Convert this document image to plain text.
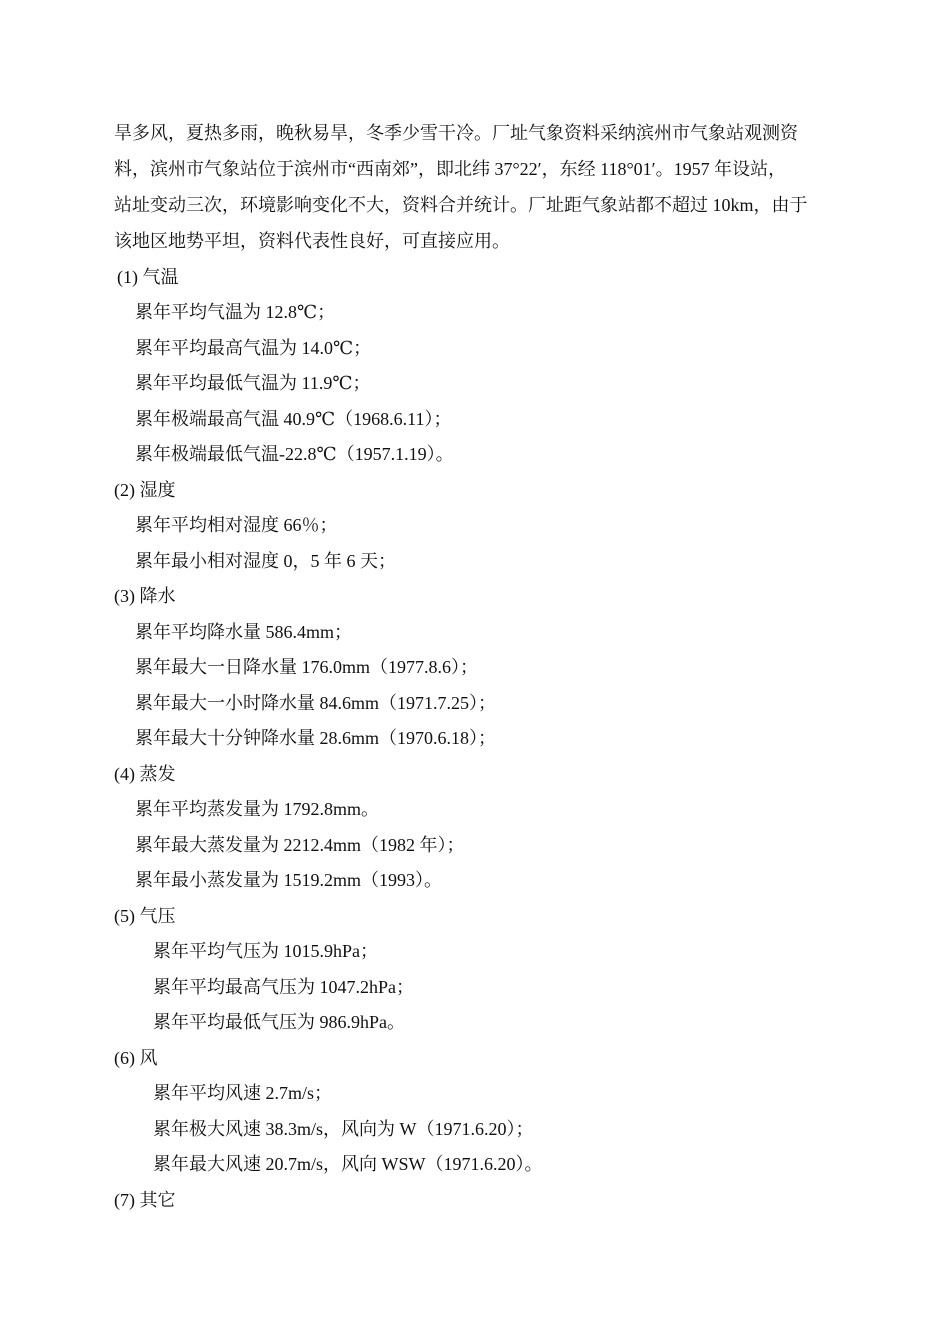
旱多风，夏热多雨，晚秋易旱，冬季少雪干冷。厂址气象资料采纳滨州市气象站观测资
料，滨州市气象站位于滨州市“西南郊”，即北纬 37°22′，东经 118°01′。1957 年设站，
站址变动三次，环境影响变化不大，资料合并统计。厂址距气象站都不超过 10km，由于
该地区地势平坦，资料代表性良好，可直接应用。
(1) 气温
累年平均气温为 12.8℃；
累年平均最高气温为 14.0℃；
累年平均最低气温为 11.9℃；
累年极端最高气温 40.9℃（1968.6.11）；
累年极端最低气温-22.8℃（1957.1.19）。
(2) 湿度
累年平均相对湿度 66％；
累年最小相对湿度 0，5 年 6 天；
(3) 降水
累年平均降水量 586.4mm；
累年最大一日降水量 176.0mm（1977.8.6）；
累年最大一小时降水量 84.6mm（1971.7.25）；
累年最大十分钟降水量 28.6mm（1970.6.18）；
(4) 蒸发
累年平均蒸发量为 1792.8mm。
累年最大蒸发量为 2212.4mm（1982 年）；
累年最小蒸发量为 1519.2mm（1993）。
(5) 气压
累年平均气压为 1015.9hPa；
累年平均最高气压为 1047.2hPa；
累年平均最低气压为 986.9hPa。
(6) 风
累年平均风速 2.7m/s；
累年极大风速 38.3m/s，风向为 W（1971.6.20）；
累年最大风速 20.7m/s，风向 WSW（1971.6.20）。
(7) 其它
